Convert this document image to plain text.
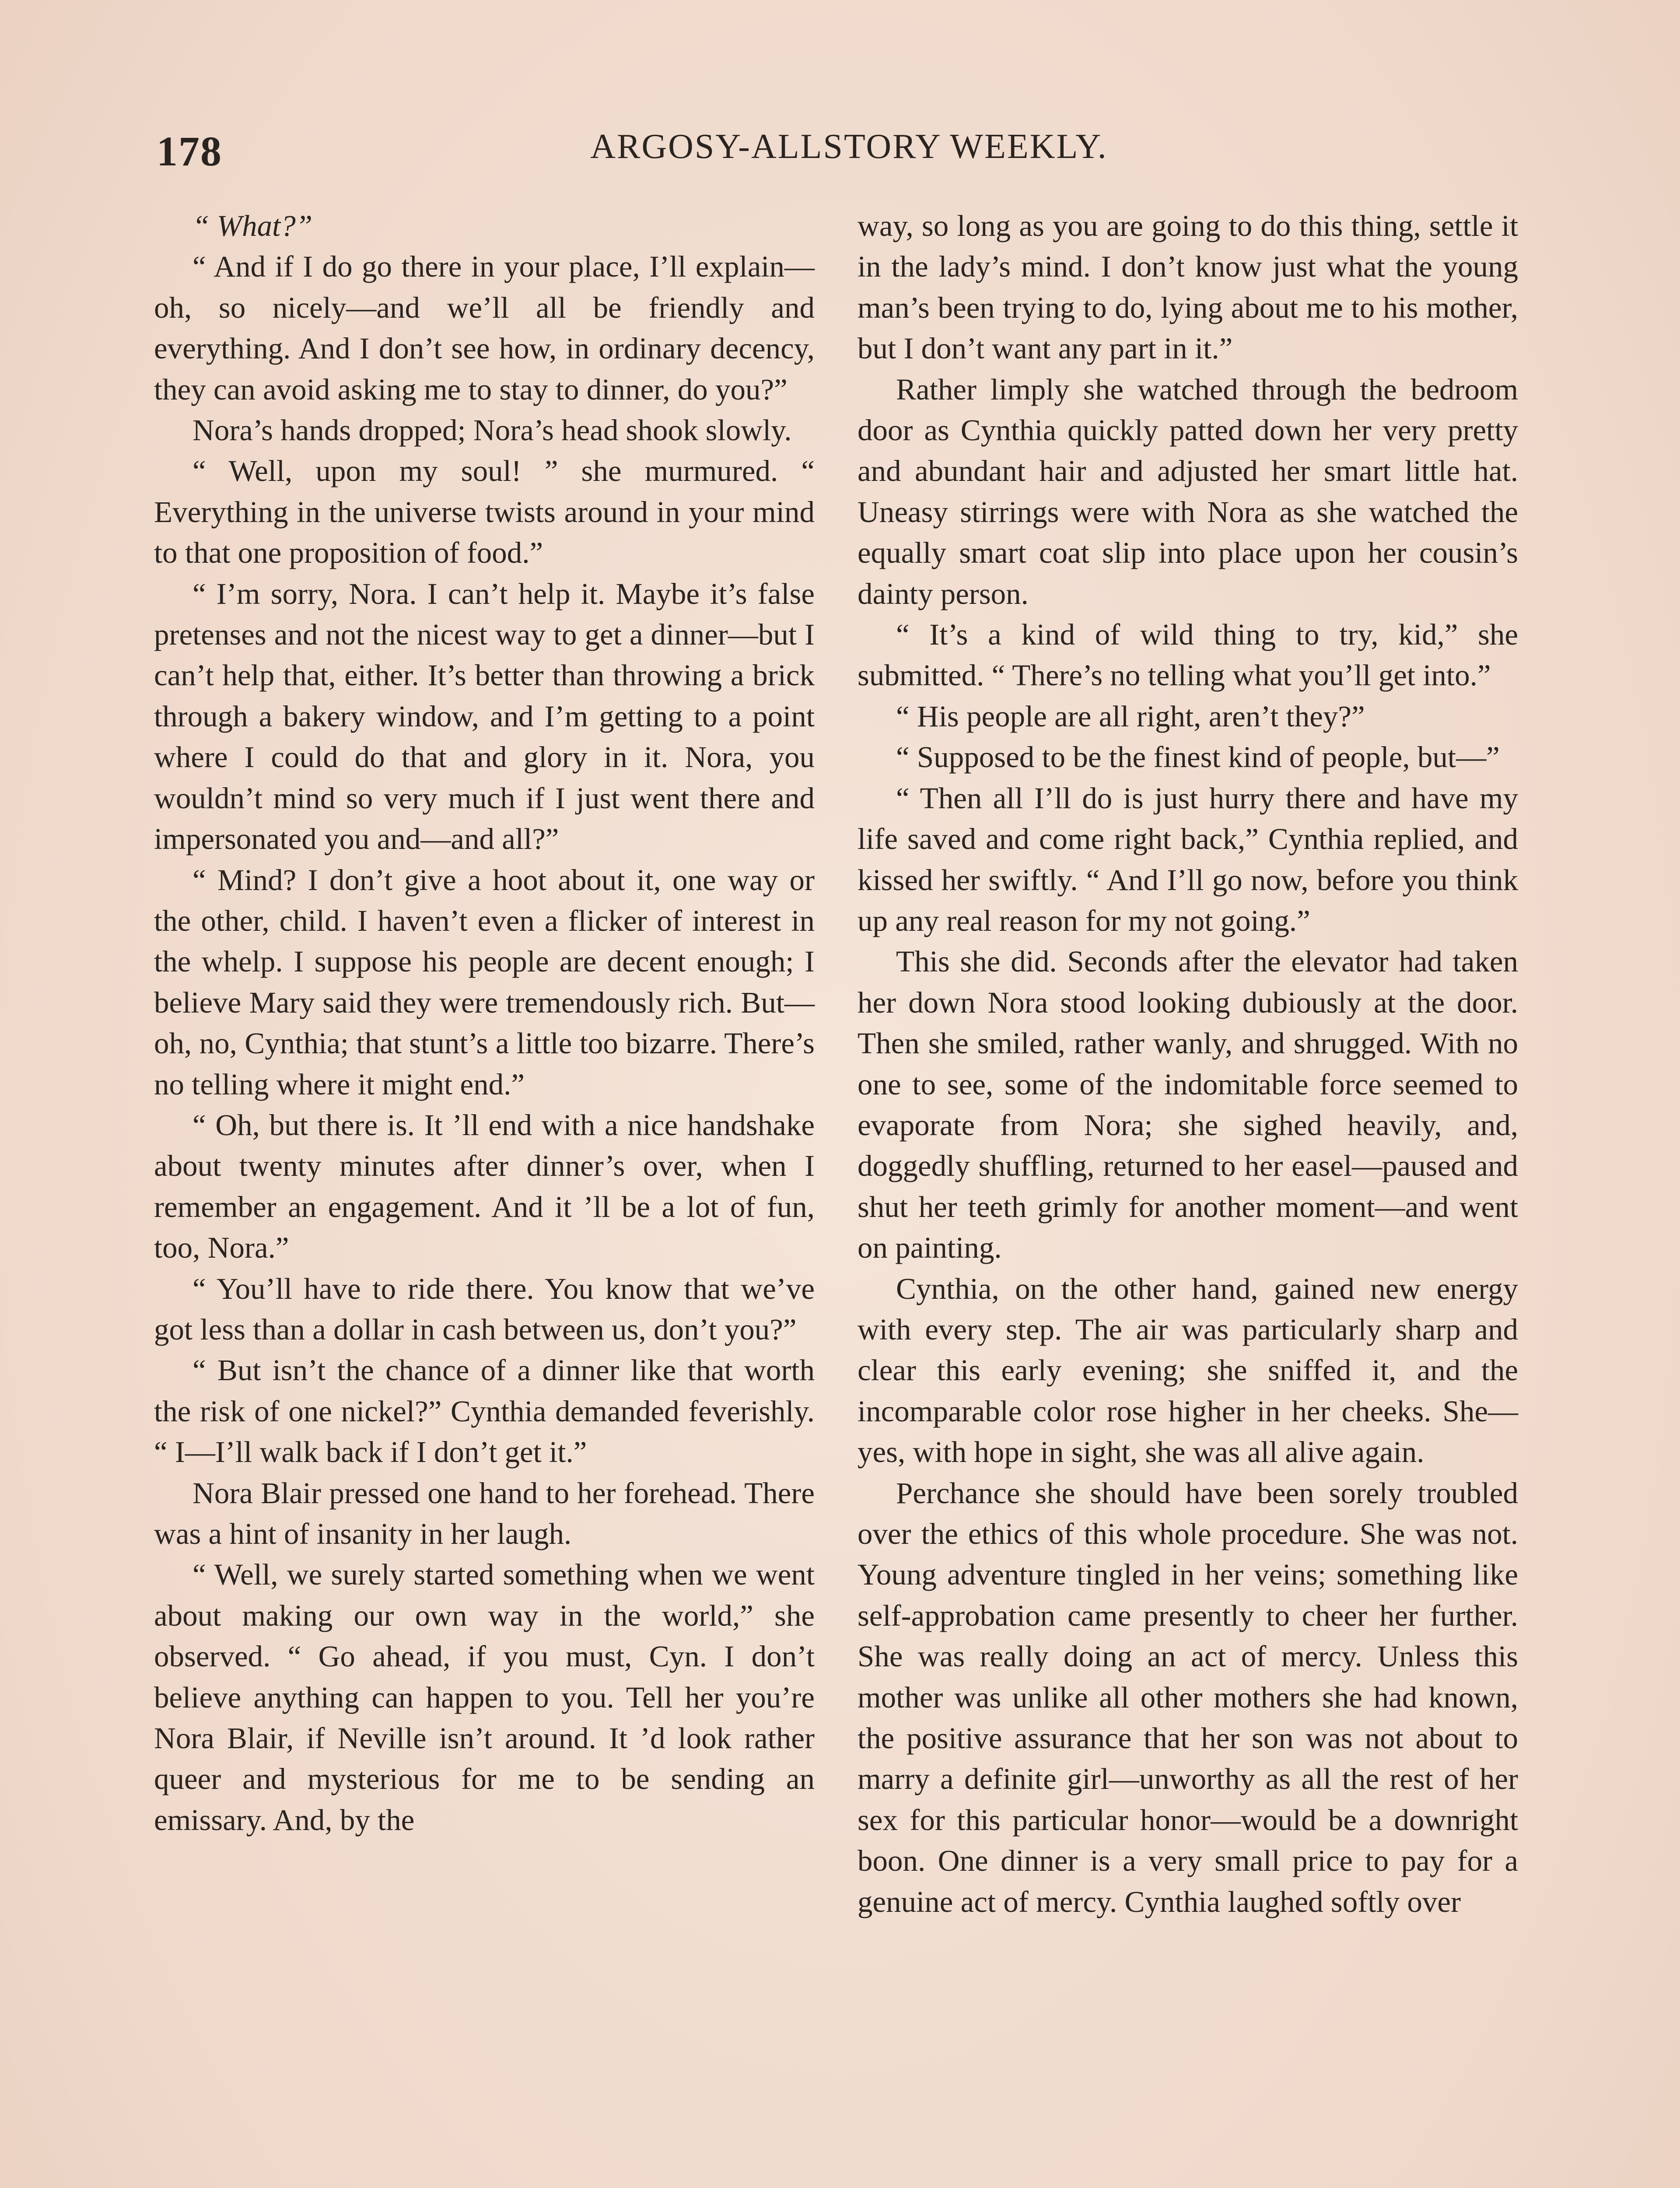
178	ARGOSY-ALLSTORY WEEKLY.

“ What?”

“ And if I do go there in your place, I’ll explain—oh, so nicely—and we’ll all be friendly and everything. And I don’t see how, in ordinary decency, they can avoid asking me to stay to dinner, do you?”

Nora’s hands dropped; Nora’s head shook slowly.

“ Well, upon my soul! ” she murmured. “ Everything in the universe twists around in your mind to that one proposition of food.”

“ I’m sorry, Nora. I can’t help it. Maybe it’s false pretenses and not the nicest way to get a dinner—but I can’t help that, either. It’s better than throwing a brick through a bakery window, and I’m getting to a point where I could do that and glory in it. Nora, you wouldn’t mind so very much if I just went there and impersonated you and—and all?”

“ Mind? I don’t give a hoot about it, one way or the other, child. I haven’t even a flicker of interest in the whelp. I suppose his people are decent enough; I believe Mary said they were tremendously rich. But—oh, no, Cynthia; that stunt’s a little too bizarre. There’s no telling where it might end.”

“ Oh, but there is. It ’ll end with a nice handshake about twenty minutes after dinner’s over, when I remember an engagement. And it ’ll be a lot of fun, too, Nora.”

“ You’ll have to ride there. You know that we’ve got less than a dollar in cash between us, don’t you?”

“ But isn’t the chance of a dinner like that worth the risk of one nickel?” Cynthia demanded feverishly. “ I—I’ll walk back if I don’t get it.”

Nora Blair pressed one hand to her forehead. There was a hint of insanity in her laugh.

“ Well, we surely started something when we went about making our own way in the world,” she observed. “ Go ahead, if you must, Cyn. I don’t believe anything can happen to you. Tell her you’re Nora Blair, if Neville isn’t around. It ’d look rather queer and mysterious for me to be sending an emissary. And, by the

way, so long as you are going to do this thing, settle it in the lady’s mind. I don’t know just what the young man’s been trying to do, lying about me to his mother, but I don’t want any part in it.”

Rather limply she watched through the bedroom door as Cynthia quickly patted down her very pretty and abundant hair and adjusted her smart little hat. Uneasy stirrings were with Nora as she watched the equally smart coat slip into place upon her cousin’s dainty person.

“ It’s a kind of wild thing to try, kid,” she submitted. “ There’s no telling what you’ll get into.”

“ His people are all right, aren’t they?”

“ Supposed to be the finest kind of people, but—”

“ Then all I’ll do is just hurry there and have my life saved and come right back,” Cynthia replied, and kissed her swiftly. “ And I’ll go now, before you think up any real reason for my not going.”

This she did. Seconds after the elevator had taken her down Nora stood looking dubiously at the door. Then she smiled, rather wanly, and shrugged. With no one to see, some of the indomitable force seemed to evaporate from Nora; she sighed heavily, and, doggedly shuffling, returned to her easel—paused and shut her teeth grimly for another moment—and went on painting.

Cynthia, on the other hand, gained new energy with every step. The air was particularly sharp and clear this early evening; she sniffed it, and the incomparable color rose higher in her cheeks. She—yes, with hope in sight, she was all alive again.

Perchance she should have been sorely troubled over the ethics of this whole procedure. She was not. Young adventure tingled in her veins; something like self-approbation came presently to cheer her further. She was really doing an act of mercy. Unless this mother was unlike all other mothers she had known, the positive assurance that her son was not about to marry a definite girl—unworthy as all the rest of her sex for this particular honor—would be a downright boon. One dinner is a very small price to pay for a genuine act of mercy. Cynthia laughed softly over
